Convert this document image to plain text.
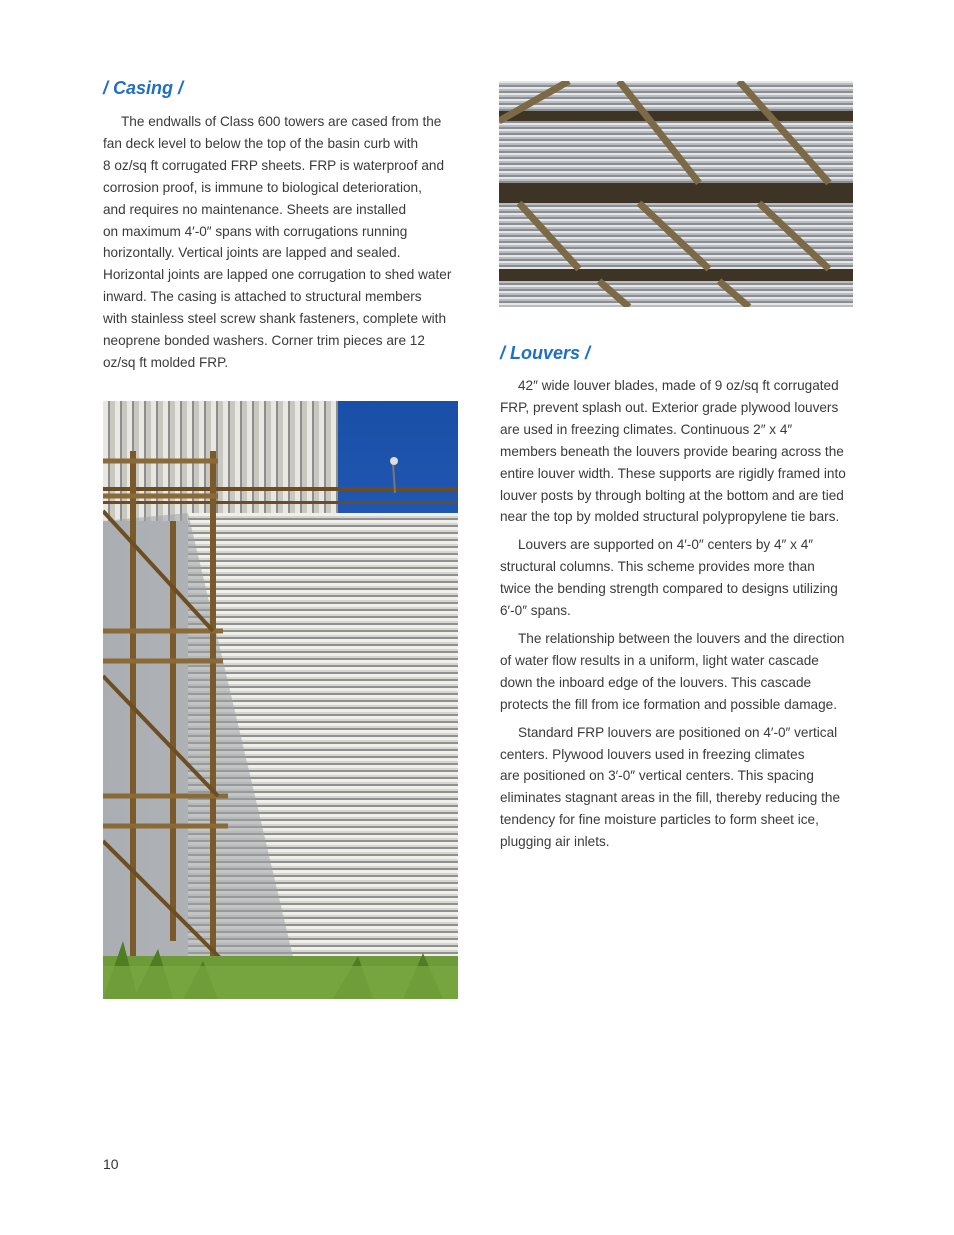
/ Casing /

The endwalls of Class 600 towers are cased from the

fan deck level to below the top of the basin curb with

8 oz/sq ft corrugated FRP sheets. FRP is waterproof and

corrosion proof, is immune to biological deterioration,

and requires no maintenance. Sheets are installed

on maximum 4′-0″ spans with corrugations running

horizontally. Vertical joints are lapped and sealed.

Horizontal joints are lapped one corrugation to shed water

inward. The casing is attached to structural members

with stainless steel screw shank fasteners, complete with

neoprene bonded washers. Corner trim pieces are 12

oz/sq ft molded FRP.	/ Louvers /

42″ wide louver blades, made of 9 oz/sq ft corrugated

FRP, prevent splash out. Exterior grade plywood louvers

are used in freezing climates. Continuous 2″ x 4″

members beneath the louvers provide bearing across the

entire louver width. These supports are rigidly framed into

louver posts by through bolting at the bottom and are tied

near the top by molded structural polypropylene tie bars.

Louvers are supported on 4′-0″ centers by 4″ x 4″

structural columns. This scheme provides more than

twice the bending strength compared to designs utilizing

6′-0″ spans.

The relationship between the louvers and the direction

of water flow results in a uniform, light water cascade

down the inboard edge of the louvers. This cascade

protects the fill from ice formation and possible damage.

Standard FRP louvers are positioned on 4′-0″ vertical

centers. Plywood louvers used in freezing climates

are positioned on 3′-0″ vertical centers. This spacing

eliminates stagnant areas in the fill, thereby reducing the

tendency for fine moisture particles to form sheet ice,

plugging air inlets.

10
